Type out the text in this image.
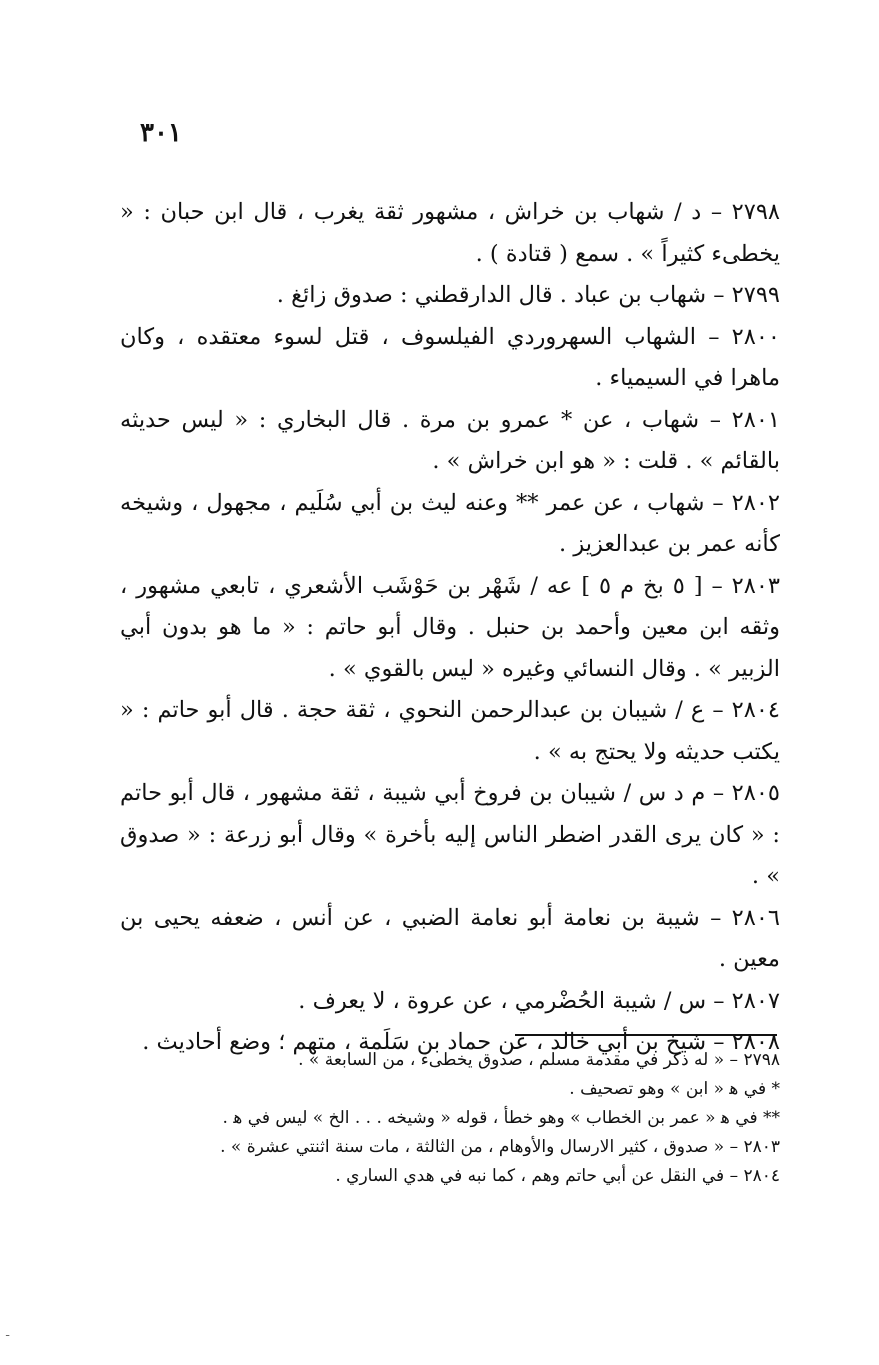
٣٠١

٢٧٩٨ – د / شهاب بن خراش ، مشهور ثقة يغرب ، قال ابن حبان : « يخطىء كثيراً » . سمع ( قتادة ) .

٢٧٩٩ – شهاب بن عباد . قال الدارقطني : صدوق زائغ .

٢٨٠٠ – الشهاب السهروردي الفيلسوف ، قتل لسوء معتقده ، وكان ماهرا في السيمياء .

٢٨٠١ – شهاب ، عن * عمرو بن مرة . قال البخاري : « ليس حديثه بالقائم » . قلت : « هو ابن خراش » .

٢٨٠٢ – شهاب ، عن عمر ** وعنه ليث بن أبي سُلَيم ، مجهول ، وشيخه كأنه عمر بن عبدالعزيز .

٢٨٠٣ – [ ٥ بخ م ٥ ] عه / شَهْر بن حَوْشَب الأشعري ، تابعي مشهور ، وثقه ابن معين وأحمد بن حنبل . وقال أبو حاتم : « ما هو بدون أبي الزبير » . وقال النسائي وغيره « ليس بالقوي » .

٢٨٠٤ – ع / شيبان بن عبدالرحمن النحوي ، ثقة حجة . قال أبو حاتم : « يكتب حديثه ولا يحتج به » .

٢٨٠٥ – م د س / شيبان بن فروخ أبي شيبة ، ثقة مشهور ، قال أبو حاتم : « كان يرى القدر اضطر الناس إليه بأخرة » وقال أبو زرعة : « صدوق » .

٢٨٠٦ – شيبة بن نعامة أبو نعامة الضبي ، عن أنس ، ضعفه يحيى بن معين .

٢٨٠٧ – س / شيبة الحُضْرمي ، عن عروة ، لا يعرف .

٢٨٠٨ – شيخ بن أبي خالد ، عن حماد بن سَلَمة ، متهم ؛ وضع أحاديث .

٢٧٩٨ – « له ذكر في مقدمة مسلم ، صدوق يخطىء ، من السابعة » .

* في ﻫ « ابن » وهو تصحيف .

** في ﻫ « عمر بن الخطاب » وهو خطأ ، قوله « وشيخه . . . الخ » ليس في ﻫ .

٢٨٠٣ – « صدوق ، كثير الارسال والأوهام ، من الثالثة ، مات سنة اثنتي عشرة » .

٢٨٠٤ – في النقل عن أبي حاتم وهم ، كما نبه في هدي الساري .

ـ
